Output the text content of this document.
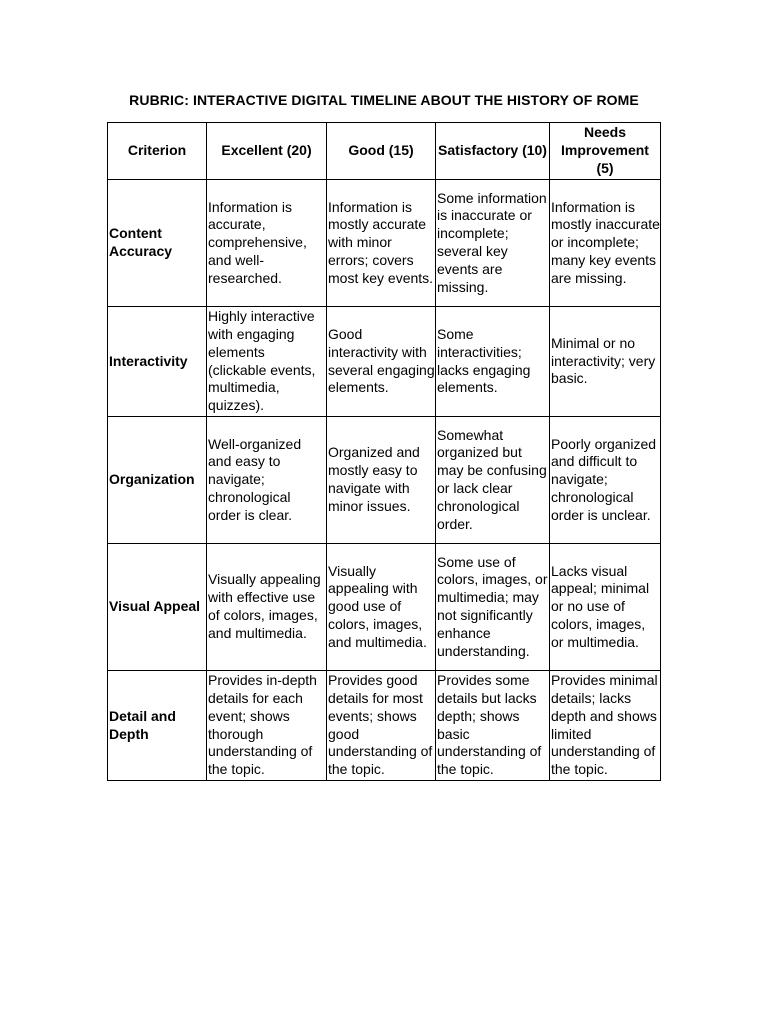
RUBRIC: INTERACTIVE DIGITAL TIMELINE ABOUT THE HISTORY OF ROME
Criterion	Excellent (20)	Good (15)	Satisfactory (10)	Needs Improvement (5)
Content Accuracy	Information is accurate, comprehensive, and well-researched.	Information is mostly accurate with minor errors; covers most key events.	Some information is inaccurate or incomplete; several key events are missing.	Information is mostly inaccurate or incomplete; many key events are missing.
Interactivity	Highly interactive with engaging elements (clickable events, multimedia, quizzes).	Good interactivity with several engaging elements.	Some interactivities; lacks engaging elements.	Minimal or no interactivity; very basic.
Organization	Well-organized and easy to navigate; chronological order is clear.	Organized and mostly easy to navigate with minor issues.	Somewhat organized but may be confusing or lack clear chronological order.	Poorly organized and difficult to navigate; chronological order is unclear.
Visual Appeal	Visually appealing with effective use of colors, images, and multimedia.	Visually appealing with good use of colors, images, and multimedia.	Some use of colors, images, or multimedia; may not significantly enhance understanding.	Lacks visual appeal; minimal or no use of colors, images, or multimedia.
Detail and Depth	Provides in-depth details for each event; shows thorough understanding of the topic.	Provides good details for most events; shows good understanding of the topic.	Provides some details but lacks depth; shows basic understanding of the topic.	Provides minimal details; lacks depth and shows limited understanding of the topic.
